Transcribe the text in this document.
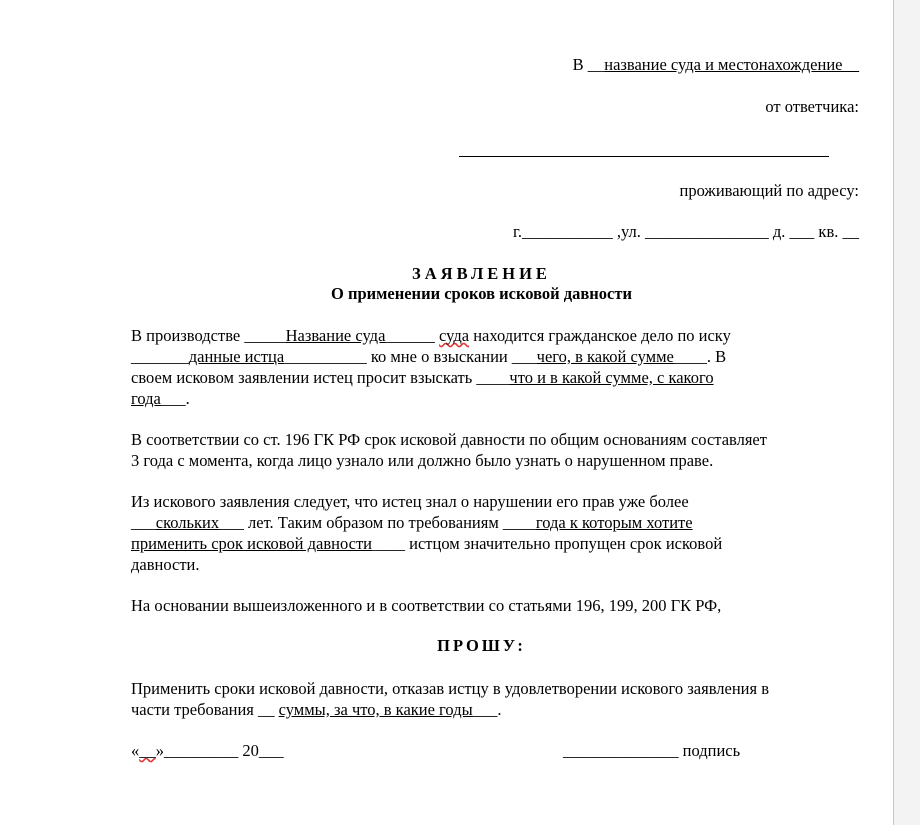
В __название суда и местонахождение__
от ответчика:
проживающий по адресу:
г.___________ ,ул. _______________ д. ___ кв. __
ЗАЯВЛЕНИЕ
О применении сроков исковой давности
В производстве _____Название суда______ суда находится гражданское дело по иску
_______данные истца__________ ко мне о взыскании ___чего, в какой сумме____. В
своем исковом заявлении истец просит взыскать ____что и в какой сумме, с какого
года___.
В соответствии со ст. 196 ГК РФ срок исковой давности по общим основаниям составляет
3 года с момента, когда лицо узнало или должно было узнать о нарушенном праве.
Из искового заявления следует, что истец знал о нарушении его прав уже более
___скольких___ лет. Таким образом по требованиям ____года к которым хотите
применить срок исковой давности____ истцом значительно пропущен срок исковой
давности.
На основании вышеизложенного и в соответствии со статьями 196, 199, 200 ГК РФ,
ПРОШУ:
Применить сроки исковой давности, отказав истцу в удовлетворении искового заявления в
части требования __ суммы, за что, в какие годы___.
«__»_________ 20___	______________ подпись
